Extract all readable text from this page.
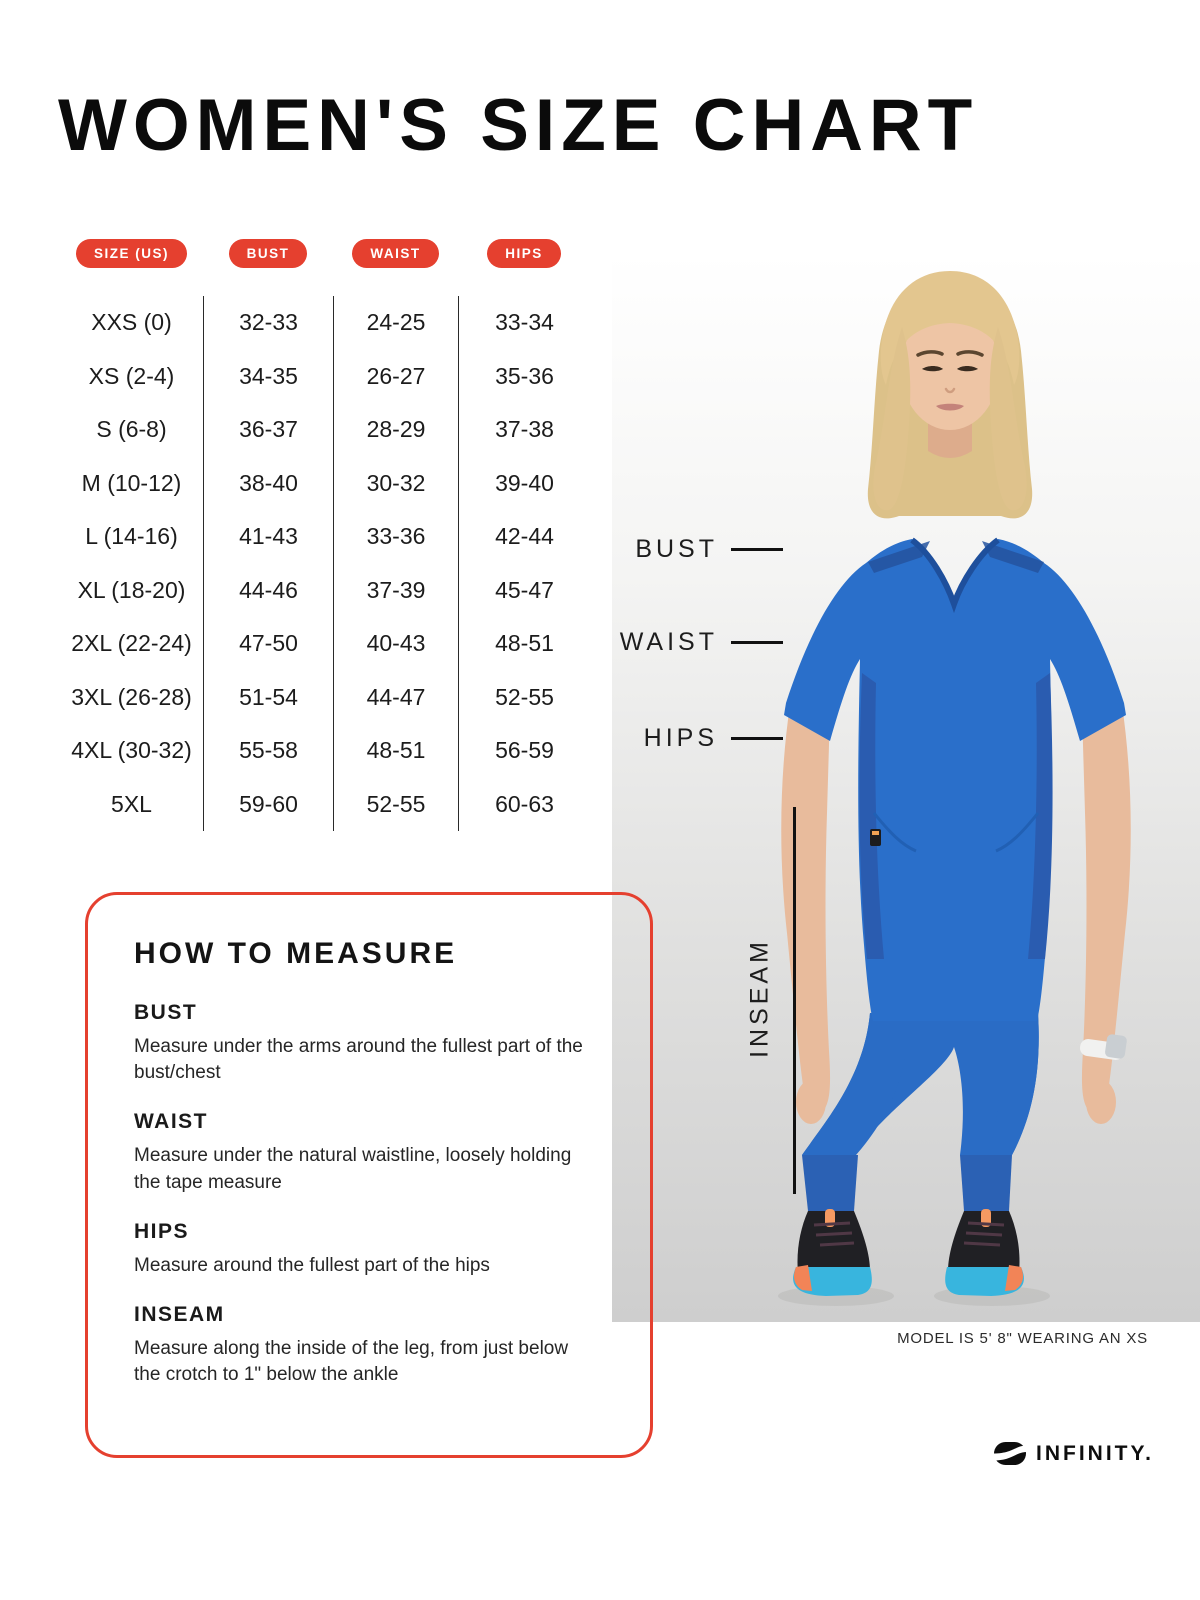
WOMEN'S SIZE CHART
SIZE (US)	BUST	WAIST	HIPS
XXS (0)	32-33	24-25	33-34
XS (2-4)	34-35	26-27	35-36
S (6-8)	36-37	28-29	37-38
M (10-12)	38-40	30-32	39-40
L (14-16)	41-43	33-36	42-44
XL (18-20)	44-46	37-39	45-47
2XL (22-24)	47-50	40-43	48-51
3XL (26-28)	51-54	44-47	52-55
4XL (30-32)	55-58	48-51	56-59
5XL	59-60	52-55	60-63
BUST
WAIST
HIPS
INSEAM
MODEL IS 5' 8" WEARING AN XS
HOW TO MEASURE
BUST
Measure under the arms around the fullest part of the bust/chest
WAIST
Measure under the natural waistline, loosely holding the tape measure
HIPS
Measure around the fullest part of the hips
INSEAM
Measure along the inside of the leg, from just below the crotch to 1" below the ankle
INFINITY.
